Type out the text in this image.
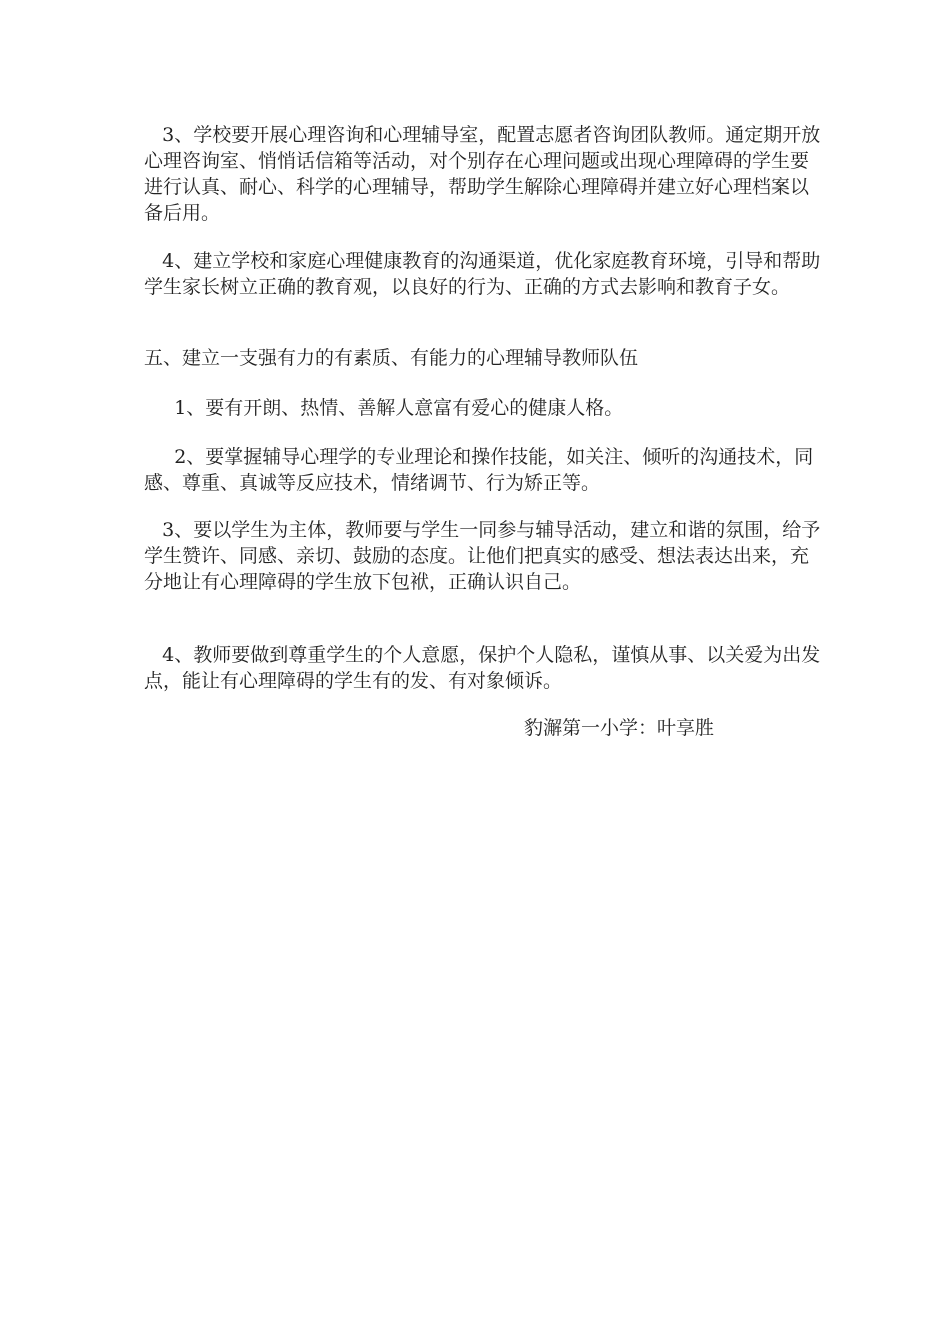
3、学校要开展心理咨询和心理辅导室，配置志愿者咨询团队教师。通定期开放心理咨询室、悄悄话信箱等活动，对个别存在心理问题或出现心理障碍的学生要进行认真、耐心、科学的心理辅导，帮助学生解除心理障碍并建立好心理档案以备后用。
4、建立学校和家庭心理健康教育的沟通渠道，优化家庭教育环境，引导和帮助学生家长树立正确的教育观，以良好的行为、正确的方式去影响和教育子女。
五、建立一支强有力的有素质、有能力的心理辅导教师队伍
1、要有开朗、热情、善解人意富有爱心的健康人格。
2、要掌握辅导心理学的专业理论和操作技能，如关注、倾听的沟通技术，同感、尊重、真诚等反应技术，情绪调节、行为矫正等。
3、要以学生为主体，教师要与学生一同参与辅导活动，建立和谐的氛围，给予学生赞许、同感、亲切、鼓励的态度。让他们把真实的感受、想法表达出来，充分地让有心理障碍的学生放下包袱，正确认识自己。
4、教师要做到尊重学生的个人意愿，保护个人隐私，谨慎从事、以关爱为出发点，能让有心理障碍的学生有的发、有对象倾诉。
豹澥第一小学：叶享胜
